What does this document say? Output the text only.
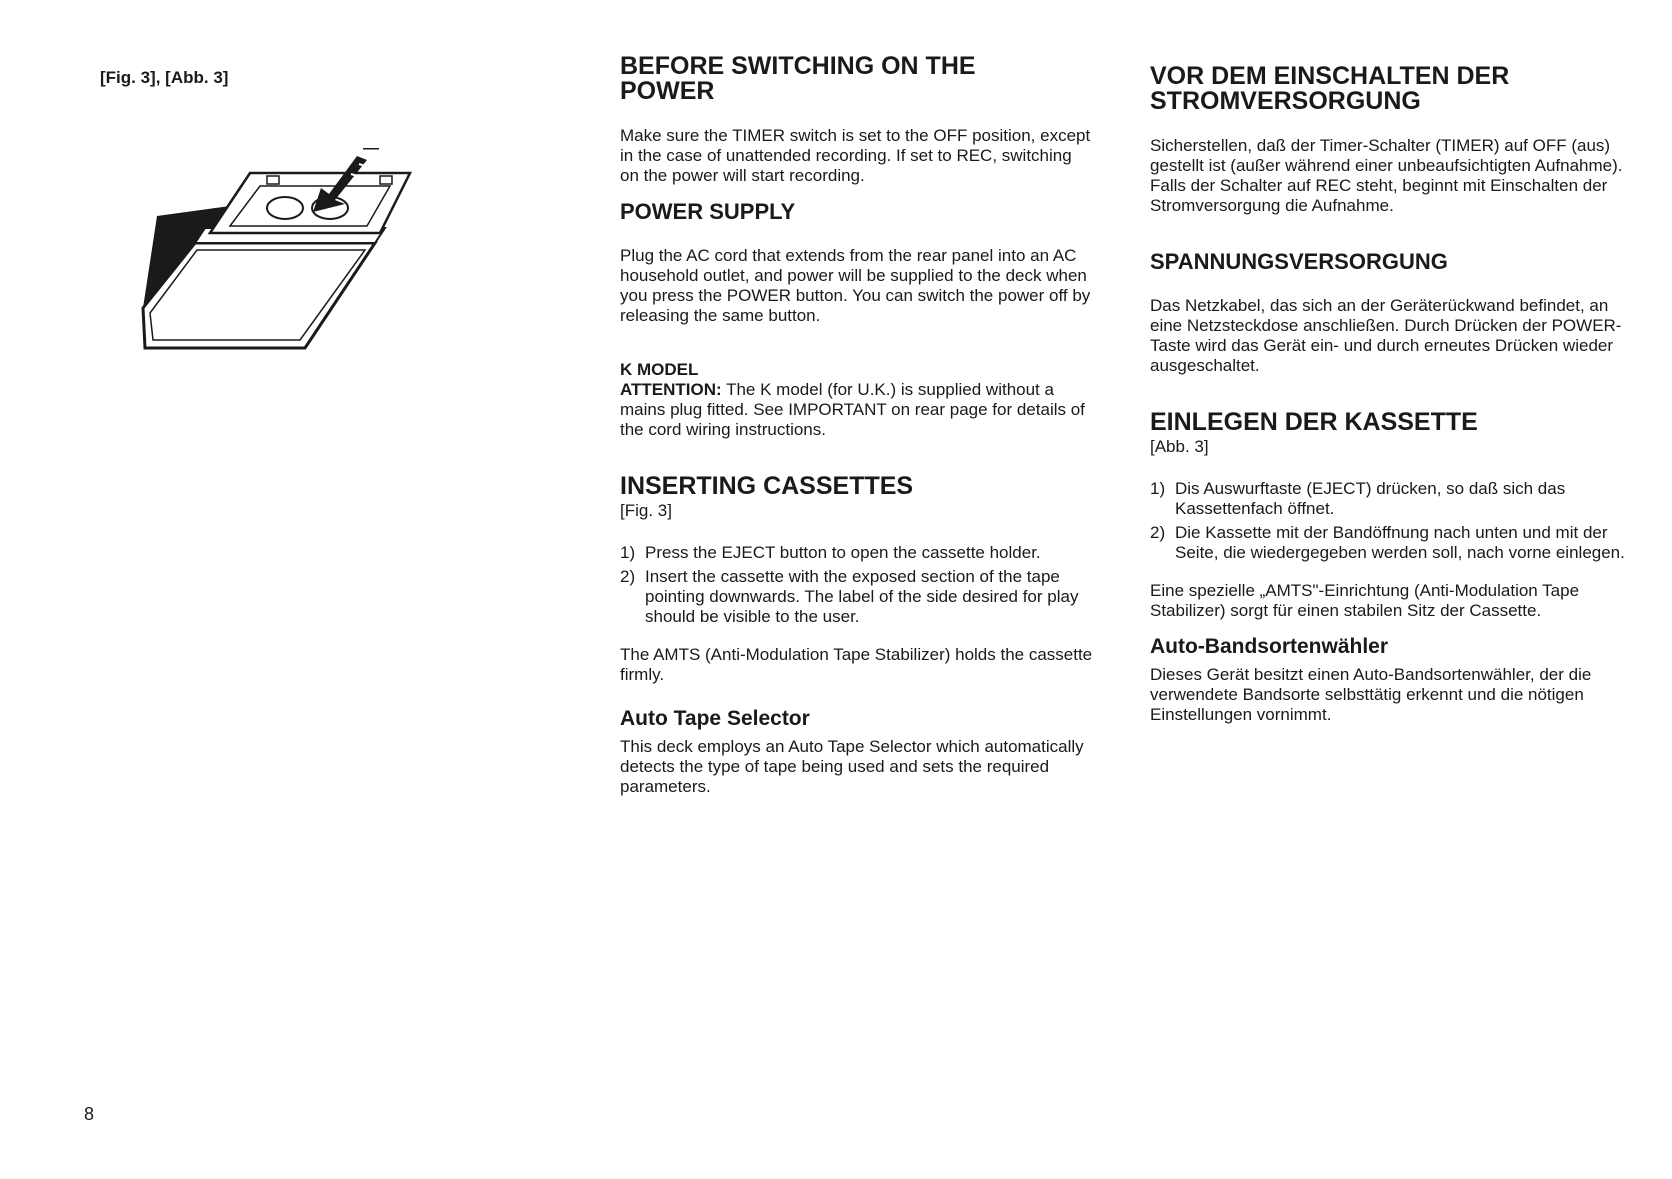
[Fig. 3], [Abb. 3]
8
BEFORE SWITCHING ON THE
POWER

Make sure the TIMER switch is set to the OFF position, except in the case of unattended recording. If set to REC, switching on the power will start recording.

POWER SUPPLY

Plug the AC cord that extends from the rear panel into an AC household outlet, and power will be supplied to the deck when you press the POWER button. You can switch the power off by releasing the same button.

K MODEL

ATTENTION: The K model (for U.K.) is supplied without a mains plug fitted. See IMPORTANT on rear page for details of the cord wiring instructions.

INSERTING CASSETTES
[Fig. 3]
1) Press the EJECT button to open the cassette holder.
2) Insert the cassette with the exposed section of the tape pointing downwards. The label of the side desired for play should be visible to the user.

The AMTS (Anti-Modulation Tape Stabilizer) holds the cassette firmly.

Auto Tape Selector

This deck employs an Auto Tape Selector which automatically detects the type of tape being used and sets the required parameters.

VOR DEM EINSCHALTEN DER
STROMVERSORGUNG

Sicherstellen, daß der Timer-Schalter (TIMER) auf OFF (aus) gestellt ist (außer während einer unbeaufsichtigten Aufnahme). Falls der Schalter auf REC steht, beginnt mit Einschalten der Stromversorgung die Aufnahme.

SPANNUNGSVERSORGUNG

Das Netzkabel, das sich an der Geräterückwand befindet, an eine Netzsteckdose anschließen. Durch Drücken der POWER-Taste wird das Gerät ein- und durch erneutes Drücken wieder ausgeschaltet.

EINLEGEN DER KASSETTE
[Abb. 3]
1) Dis Auswurftaste (EJECT) drücken, so daß sich das Kassettenfach öffnet.
2) Die Kassette mit der Bandöffnung nach unten und mit der Seite, die wiedergegeben werden soll, nach vorne einlegen.

Eine spezielle „AMTS"-Einrichtung (Anti-Modulation Tape Stabilizer) sorgt für einen stabilen Sitz der Cassette.

Auto-Bandsortenwähler

Dieses Gerät besitzt einen Auto-Bandsortenwähler, der die verwendete Bandsorte selbsttätig erkennt und die nötigen Einstellungen vornimmt.
